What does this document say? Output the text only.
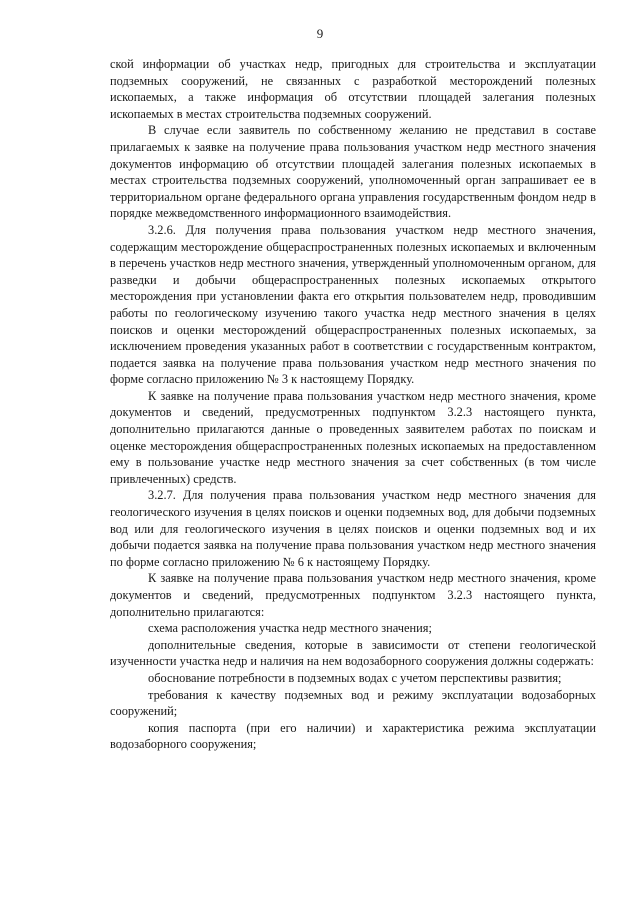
9

ской информации об участках недр, пригодных для строительства и эксплуатации подземных сооружений, не связанных с разработкой месторождений полезных ископаемых, а также информация об отсутствии площадей залегания полезных ископаемых в местах строительства подземных сооружений.

В случае если заявитель по собственному желанию не представил в составе прилагаемых к заявке на получение права пользования участком недр местного значения документов информацию об отсутствии площадей залегания полезных ископаемых в местах строительства подземных сооружений, уполномоченный орган запрашивает ее в территориальном органе федерального органа управления государственным фондом недр в порядке межведомственного информационного взаимодействия.

3.2.6. Для получения права пользования участком недр местного значения, содержащим месторождение общераспространенных полезных ископаемых и включенным в перечень участков недр местного значения, утвержденный уполномоченным органом, для разведки и добычи общераспространенных полезных ископаемых открытого месторождения при установлении факта его открытия пользователем недр, проводившим работы по геологическому изучению такого участка недр местного значения в целях поисков и оценки месторождений общераспространенных полезных ископаемых, за исключением проведения указанных работ в соответствии с государственным контрактом, подается заявка на получение права пользования участком недр местного значения по форме согласно приложению № 3 к настоящему Порядку.

К заявке на получение права пользования участком недр местного значения, кроме документов и сведений, предусмотренных подпунктом 3.2.3 настоящего пункта, дополнительно прилагаются данные о проведенных заявителем работах по поискам и оценке месторождения общераспространенных полезных ископаемых на предоставленном ему в пользование участке недр местного значения за счет собственных (в том числе привлеченных) средств.

3.2.7. Для получения права пользования участком недр местного значения для геологического изучения в целях поисков и оценки подземных вод, для добычи подземных вод или для геологического изучения в целях поисков и оценки подземных вод и их добычи подается заявка на получение права пользования участком недр местного значения по форме согласно приложению № 6 к настоящему Порядку.

К заявке на получение права пользования участком недр местного значения, кроме документов и сведений, предусмотренных подпунктом 3.2.3 настоящего пункта, дополнительно прилагаются:

схема расположения участка недр местного значения;

дополнительные сведения, которые в зависимости от степени геологической изученности участка недр и наличия на нем водозаборного сооружения должны содержать:

обоснование потребности в подземных водах с учетом перспективы развития;

требования к качеству подземных вод и режиму эксплуатации водозаборных сооружений;

копия паспорта (при его наличии) и характеристика режима эксплуатации водозаборного сооружения;
